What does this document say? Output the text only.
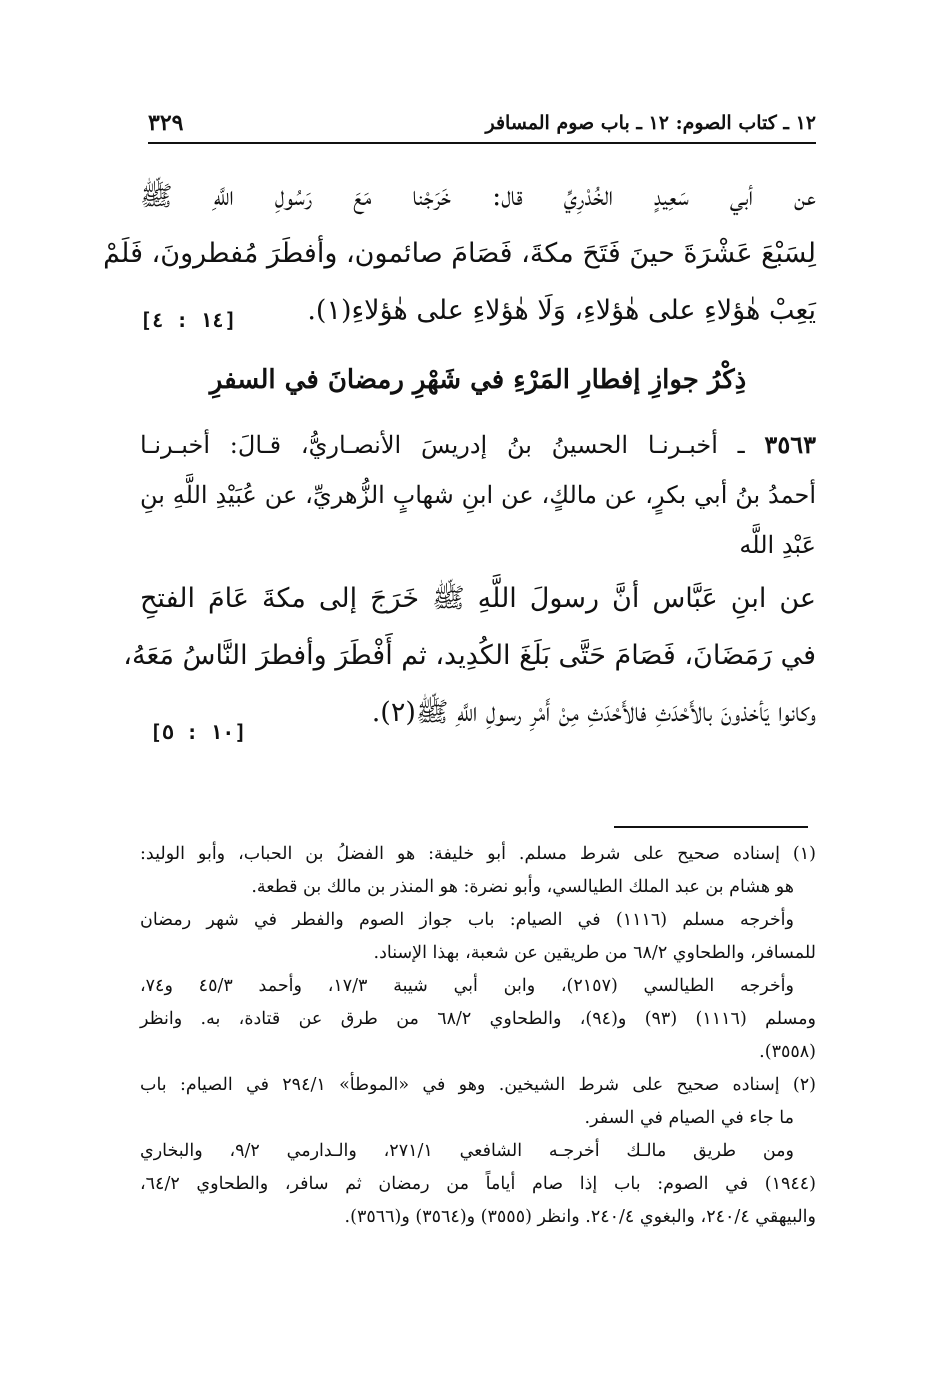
٣٢٩	١٢ ـ كتاب الصوم: ١٢ ـ باب صوم المسافر
عن أبي سَعِيدٍ الخُدْرِيِّ قال: خَرَجْنا مَعَ رَسُولِ اللَّهِ ﷺ
لِسَبْعَ عَشْرَةَ حينَ فَتَحَ مكةَ، فَصَامَ صائمون، وأفطَرَ مُفطرونَ، فَلَمْ
يَعِبْ هٰؤلاءِ على هٰؤلاءِ، وَلَا هٰؤلاءِ على هٰؤلاءِ(١).
[١٤ : ٤]
ذِكْرُ جوازِ إفطارِ المَرْءِ في شَهْرِ رمضانَ في السفرِ
٣٥٦٣ ـ أخبـرنـا الحسينُ بنُ إدريسَ الأنصـاريُّ، قـالَ: أخبـرنـا
أحمدُ بنُ أبي بكرٍ، عن مالكٍ، عن ابنِ شهابٍ الزُّهريِّ، عن عُبَيْدِ اللَّهِ بنِ
عَبْدِ اللَّه
عن ابنِ عَبَّاس أنَّ رسولَ اللَّهِ ﷺ خَرَجَ إلى مكةَ عَامَ الفتحِ
في رَمَضَانَ، فَصَامَ حَتَّى بَلَغَ الكُدِيد، ثم أَفْطَرَ وأفطرَ النَّاسُ مَعَهُ،
وكانوا يَأخذونَ بالأَحْدَثِ فالأَحْدَثِ مِنْ أَمْرِ رسولِ اللَّهِ ﷺ(٢).
[١٠ : ٥]
(١) إسناده صحيح على شرط مسلم. أبو خليفة: هو الفضلُ بن الحباب، وأبو الوليد:
هو هشام بن عبد الملك الطيالسي، وأبو نضرة: هو المنذر بن مالك بن قطعة.
وأخرجه مسلم (١١١٦) في الصيام: باب جواز الصوم والفطر في شهر رمضان
للمسافر، والطحاوي ٦٨/٢ من طريقين عن شعبة، بهذا الإسناد.
وأخرجه الطيالسي (٢١٥٧)، وابن أبي شيبة ١٧/٣، وأحمد ٤٥/٣ و٧٤،
ومسلم (١١١٦) (٩٣) و(٩٤)، والطحاوي ٦٨/٢ من طرق عن قتادة، به. وانظر
(٣٥٥٨).
(٢) إسناده صحيح على شرط الشيخين. وهو في «الموطأ» ٢٩٤/١ في الصيام: باب
ما جاء في الصيام في السفر.
ومن طريق مالـك أخرجـه الشافعي ٢٧١/١، والـدارمي ٩/٢، والبخاري
(١٩٤٤) في الصوم: باب إذا صام أياماً من رمضان ثم سافر، والطحاوي ٦٤/٢،
والبيهقي ٢٤٠/٤، والبغوي ٢٤٠/٤. وانظر (٣٥٥٥) و(٣٥٦٤) و(٣٥٦٦).
